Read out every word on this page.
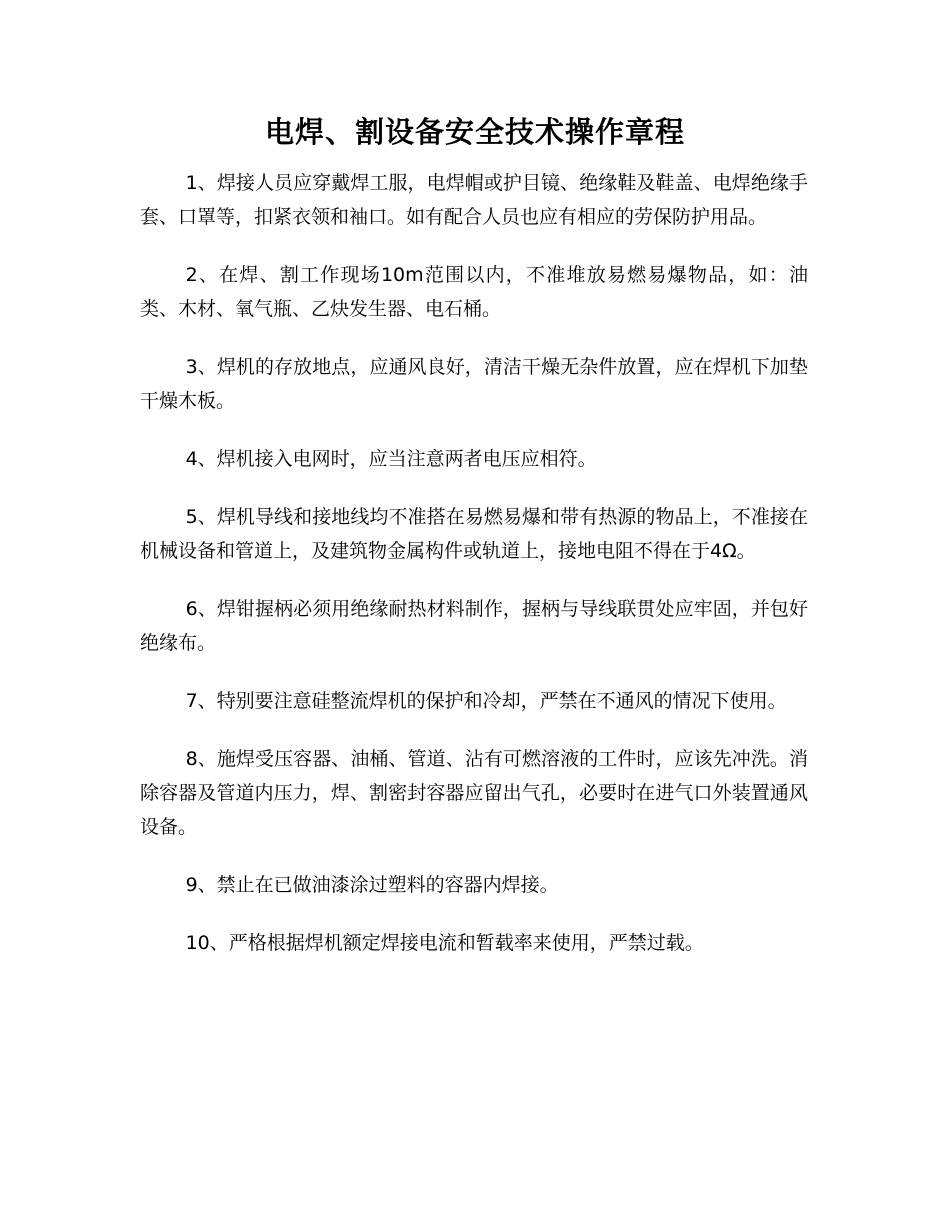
电焊、割设备安全技术操作章程

1、焊接人员应穿戴焊工服，电焊帽或护目镜、绝缘鞋及鞋盖、电焊绝缘手套、口罩等，扣紧衣领和袖口。如有配合人员也应有相应的劳保防护用品。

2、在焊、割工作现场10m范围以内，不准堆放易燃易爆物品，如：油类、木材、氧气瓶、乙炔发生器、电石桶。

3、焊机的存放地点，应通风良好，清洁干燥无杂件放置，应在焊机下加垫干燥木板。

4、焊机接入电网时，应当注意两者电压应相符。

5、焊机导线和接地线均不准搭在易燃易爆和带有热源的物品上，不准接在机械设备和管道上，及建筑物金属构件或轨道上，接地电阻不得在于4Ω。

6、焊钳握柄必须用绝缘耐热材料制作，握柄与导线联贯处应牢固，并包好绝缘布。

7、特别要注意硅整流焊机的保护和冷却，严禁在不通风的情况下使用。

8、施焊受压容器、油桶、管道、沾有可燃溶液的工件时，应该先冲洗。消除容器及管道内压力，焊、割密封容器应留出气孔，必要时在进气口外装置通风设备。

9、禁止在已做油漆涂过塑料的容器内焊接。

10、严格根据焊机额定焊接电流和暂载率来使用，严禁过载。
